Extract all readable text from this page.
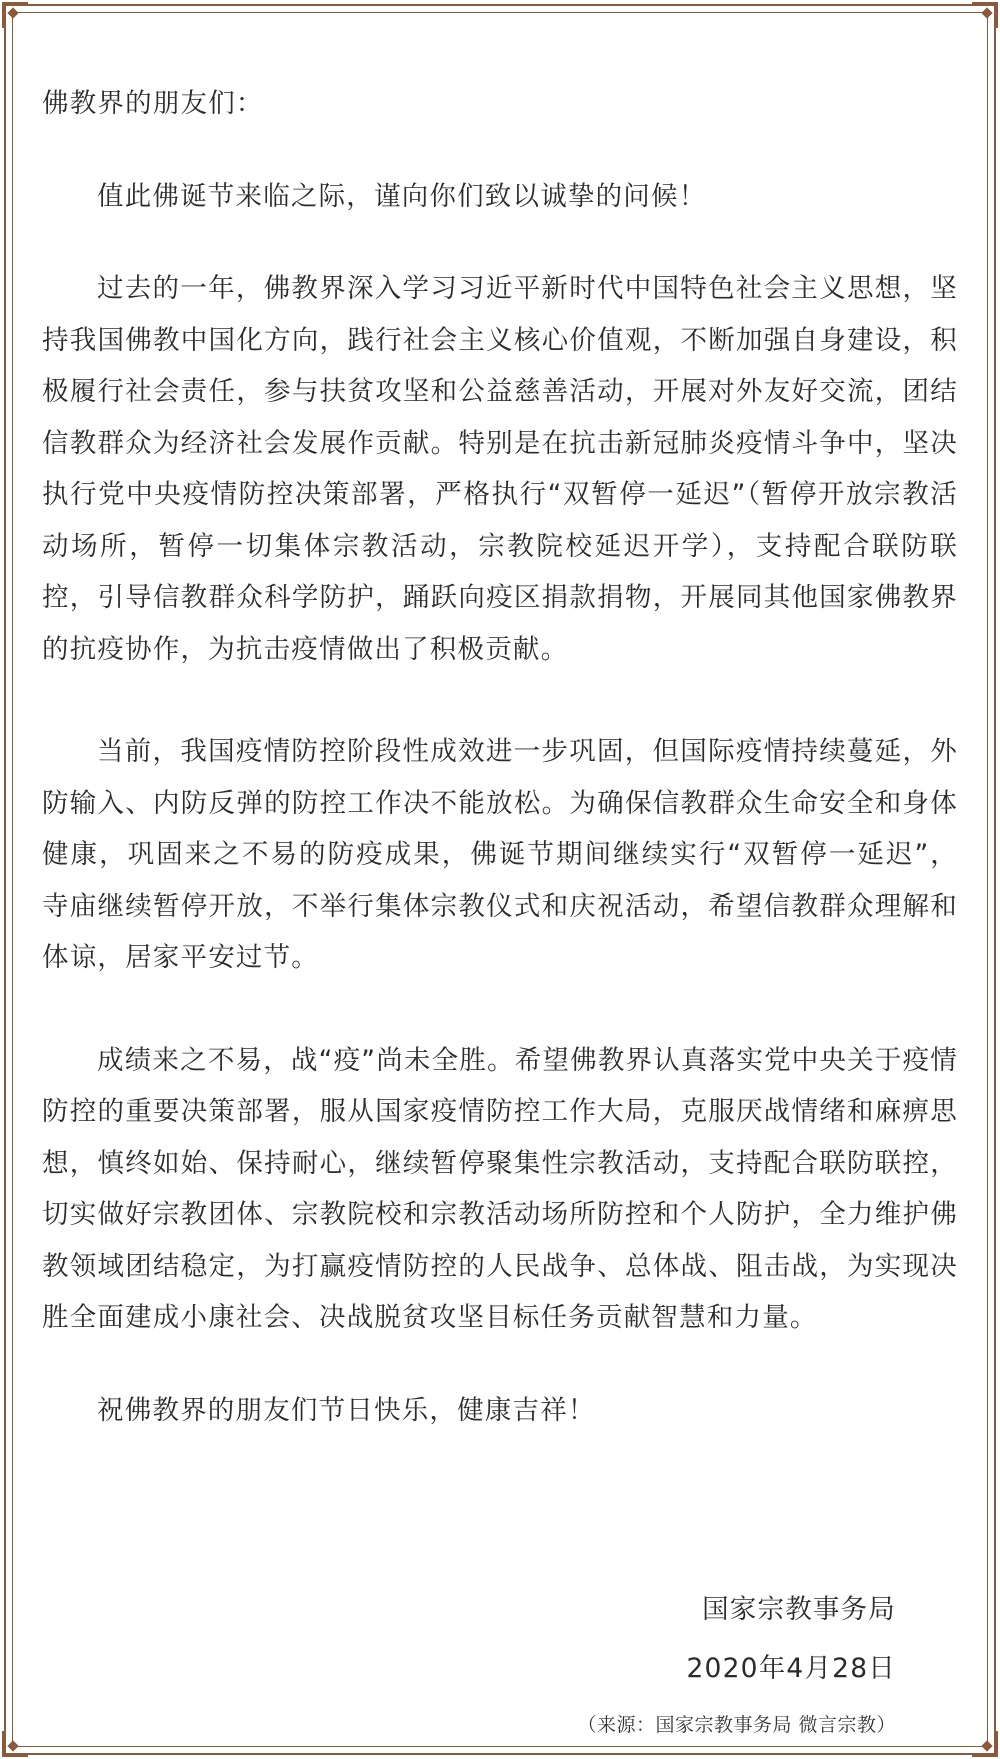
佛教界的朋友们：

值此佛诞节来临之际，谨向你们致以诚挚的问候！

过去的一年，佛教界深入学习习近平新时代中国特色社会主义思想，坚持我国佛教中国化方向，践行社会主义核心价值观，不断加强自身建设，积极履行社会责任，参与扶贫攻坚和公益慈善活动，开展对外友好交流，团结信教群众为经济社会发展作贡献。特别是在抗击新冠肺炎疫情斗争中，坚决执行党中央疫情防控决策部署，严格执行“双暂停一延迟”（暂停开放宗教活动场所，暂停一切集体宗教活动，宗教院校延迟开学），支持配合联防联控，引导信教群众科学防护，踊跃向疫区捐款捐物，开展同其他国家佛教界的抗疫协作，为抗击疫情做出了积极贡献。

当前，我国疫情防控阶段性成效进一步巩固，但国际疫情持续蔓延，外防输入、内防反弹的防控工作决不能放松。为确保信教群众生命安全和身体健康，巩固来之不易的防疫成果，佛诞节期间继续实行“双暂停一延迟”，寺庙继续暂停开放，不举行集体宗教仪式和庆祝活动，希望信教群众理解和体谅，居家平安过节。

成绩来之不易，战“疫”尚未全胜。希望佛教界认真落实党中央关于疫情防控的重要决策部署，服从国家疫情防控工作大局，克服厌战情绪和麻痹思想，慎终如始、保持耐心，继续暂停聚集性宗教活动，支持配合联防联控，切实做好宗教团体、宗教院校和宗教活动场所防控和个人防护，全力维护佛教领域团结稳定，为打赢疫情防控的人民战争、总体战、阻击战，为实现决胜全面建成小康社会、决战脱贫攻坚目标任务贡献智慧和力量。

祝佛教界的朋友们节日快乐，健康吉祥！

国家宗教事务局
2020年4月28日
（来源：国家宗教事务局 微言宗教）
